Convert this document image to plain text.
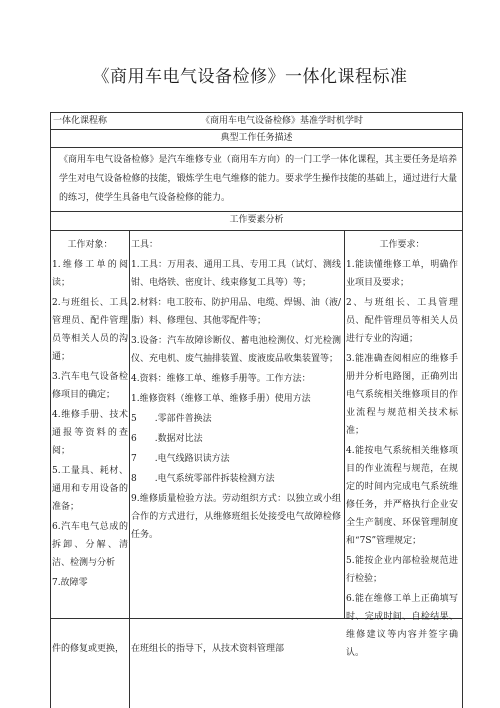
《商用车电气设备检修》一体化课程标准
一体化课程称	《商用车电气设备检修》基准学时机学时
典型工作任务描述
《商用车电气设备检修》是汽车维修专业（商用车方向）的一门工学一体化课程，其主要任务是培养学生对电气设备检修的技能，锻炼学生电气维修的能力。要求学生操作技能的基础上，通过进行大量的练习，使学生具备电气设备检修的能力。
工作要素分析

工作对象：

1.维修工单的阅读；

2.与班组长、工具管理员、配件管理员等相关人员的沟通；

3.汽车电气设备检修项目的确定；

4.维修手册、技术通报等资料的查阅；

5.工量具、耗材、通用和专用设备的准备；

6.汽车电气总成的拆卸、分解、清洁、检测与分析

7.故障零

件的修复或更换，

工具：

1.工具：万用表、通用工具、专用工具（试灯、测线钳、电烙铁、密度计、线束修复工具等）等；

2.材料：电工胶布、防护用品、电缆、焊锡、油（液/脂）料、修理包、其他零配件等；

3.设备：汽车故障诊断仪、蓄电池检测仪、灯光检测仪、充电机、废气抽排装置、废液废品收集装置等；

4.资料：维修工单、维修手册等。工作方法：

1.维修资料（维修工单、维修手册）使用方法

5　　.零部件普换法

6　　.数据对比法

7　　.电气线路识读方法

8　　.电气系统零部件拆装检测方法

9.维修质量检验方法。劳动组织方式：以独立或小组合作的方式进行，从维修班组长处接受电气故障检修任务。

在班组长的指导下，从技术资料管理部

工作要求：

1.能读懂维修工单，明确作业项目及要求；

2、与班组长、工具管理员、配件管理员等相关人员进行专业的沟通；

3.能准确查阅相应的维修手册并分析电路图，正确列出电气系统相关维修项目的作业流程与规范相关技术标准；

4.能按电气系统相关维修项目的作业流程与规范，在规定的时间内完成电气系统维修任务，并严格执行企业安全生产制度、环保管理制度和“7S”管理规定；

5.能按企业内部检验规范进行检验；

6.能在维修工单上正确填写时、完成时间、自检结果、维修建议等内容并签字确认。
